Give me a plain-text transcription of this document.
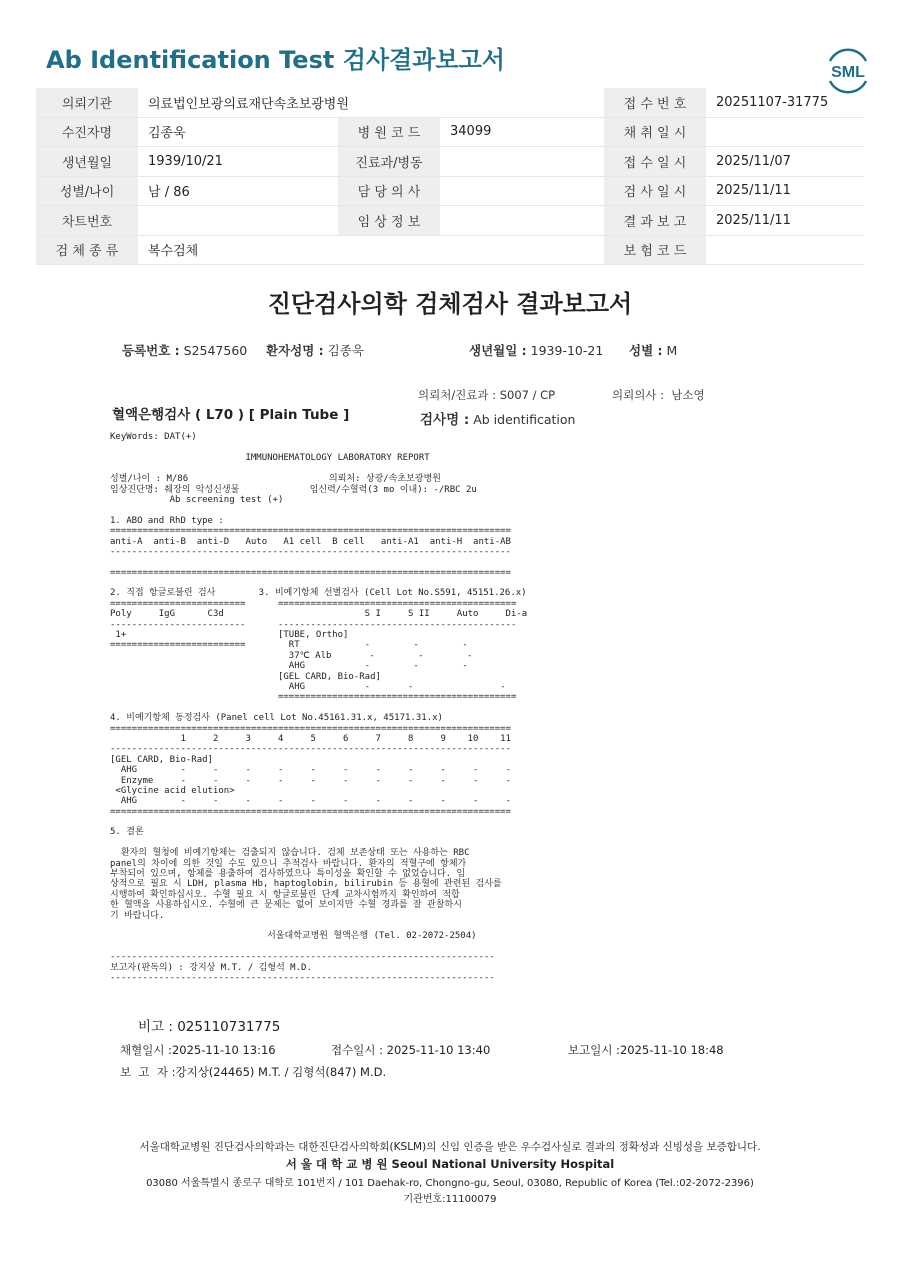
Ab Identification Test 검사결과보고서

	SML

의뢰기관	의료법인보광의료재단속초보광병원			접 수 번 호	20251107-31775
수진자명	김종욱	병 원 코 드	34099	채 취 일 시	
생년월일	1939/10/21	진료과/병동		접 수 일 시	2025/11/07
성별/나이	남 / 86	담 당 의 사		검 사 일 시	2025/11/11
차트번호		임 상 정 보		결 과 보 고	2025/11/11
검 체 종 류	복수검체			보 험 코 드	
진단검사의학 검체검사 결과보고서
등록번호 : S2547560 환자성명 : 김종욱	생년월일 : 1939-10-21 성별 : M
의뢰처/진료과 : S007 / CP	의뢰의사 :  남소영
혈액은행검사 ( L70 ) [ Plain Tube ]	검사명 : Ab identification
KeyWords: DAT(+)
IMMUNOHEMATOLOGY LABORATORY REPORT
성별/나이 : M/86                          의뢰처: 상광/속초보광병원
임상진단명: 췌장의 악성신생물             임신력/수혈력(3 mo 이내): -/RBC 2u
Ab screening test (+)
1. ABO and RhD type :
==========================================================================
anti-A  anti-B  anti-D   Auto   A1 cell  B cell   anti-A1  anti-H  anti-AB
--------------------------------------------------------------------------
==========================================================================
2. 직접 항글로불린 검사        3. 비예기항체 선별검사 (Cell Lot No.S591, 45151.26.x)
=========================      ============================================
Poly     IgG      C3d                          S I     S II     Auto     Di-a
-------------------------      --------------------------------------------
1+                            [TUBE, Ortho]
=========================        RT            -        -        -
37℃ Alb       -        -        -
AHG           -        -        -
[GEL CARD, Bio-Rad]
AHG           -       -                -
============================================
4. 비예기항체 동정검사 (Panel cell Lot No.45161.31.x, 45171.31.x)
==========================================================================
1     2     3     4     5     6     7     8     9    10    11
--------------------------------------------------------------------------
[GEL CARD, Bio-Rad]
AHG        -     -     -     -     -     -     -     -     -     -     -
Enzyme     -     -     -     -     -     -     -     -     -     -     -
<Glycine acid elution>
AHG        -     -     -     -     -     -     -     -     -     -     -
==========================================================================
5. 결론
환자의 혈청에 비예기항체는 검출되지 않습니다. 검체 보존상태 또는 사용하는 RBC
panel의 차이에 의한 것일 수도 있으니 추적검사 바랍니다. 환자의 적혈구에 항체가
부착되어 있으며, 항체를 용출하여 검사하였으나 특이성을 확인할 수 없었습니다. 임
상적으로 필요 시 LDH, plasma Hb, haptoglobin, bilirubin 등 용혈에 관련된 검사를
시행하여 확인하십시오. 수혈 필요 시 항글로불린 단계 교차시험까지 확인하여 적합
한 혈액을 사용하십시오. 수혈에 큰 문제는 없어 보이지만 수혈 경과를 잘 관찰하시
기 바랍니다.
서울대학교병원 혈액은행 (Tel. 02-2072-2504)
-----------------------------------------------------------------------
보고자(판독의) : 강지상 M.T. / 김형석 M.D.
-----------------------------------------------------------------------
비고 : 025110731775
채혈일시 :2025-11-10 13:16	접수일시 : 2025-11-10 13:40	보고일시 :2025-11-10 18:48
보  고  자 :강지상(24465) M.T. / 김형석(847) M.D.
서울대학교병원 진단검사의학과는 대한진단검사의학회(KSLM)의 신임 인증을 받은 우수검사실로 결과의 정확성과 신빙성을 보증합니다.
서 울 대 학 교 병 원 Seoul National University Hospital
03080 서울특별시 종로구 대학로 101번지 / 101 Daehak-ro, Chongno-gu, Seoul, 03080, Republic of Korea (Tel.:02-2072-2396)
기관번호:11100079
